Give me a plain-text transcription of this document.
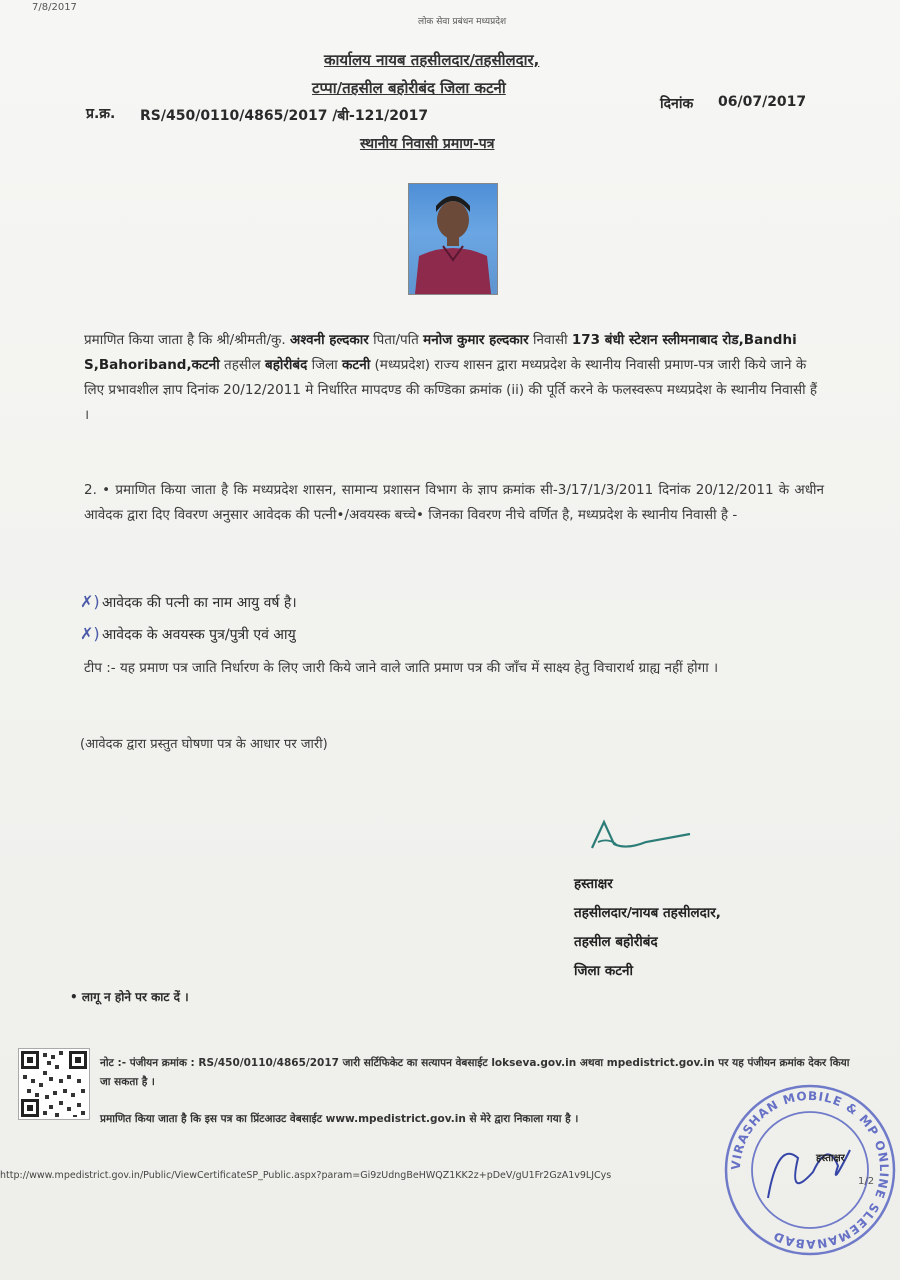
7/8/2017
लोक सेवा प्रबंधन मध्यप्रदेश
कार्यालय नायब तहसीलदार/तहसीलदार,
टप्पा/तहसील बहोरीबंद जिला कटनी
प्र.क्र. RS/450/0110/4865/2017 /बी-121/2017
दिनांक 06/07/2017
स्थानीय निवासी प्रमाण-पत्र
प्रमाणित किया जाता है कि श्री/श्रीमती/कु. अश्वनी हल्दकार पिता/पति मनोज कुमार हल्दकार निवासी 173 बंधी स्टेशन स्लीमनाबाद रोड,Bandhi S,Bahoriband,कटनी तहसील बहोरीबंद जिला कटनी (मध्यप्रदेश) राज्य शासन द्वारा मध्यप्रदेश के स्थानीय निवासी प्रमाण-पत्र जारी किये जाने के लिए प्रभावशील ज्ञाप दिनांक 20/12/2011 मे निर्धारित मापदण्ड की कण्डिका क्रमांक (ii) की पूर्ति करने के फलस्वरूप मध्यप्रदेश के स्थानीय निवासी हैं ।
2. • प्रमाणित किया जाता है कि मध्यप्रदेश शासन, सामान्य प्रशासन विभाग के ज्ञाप क्रमांक सी-3/17/1/3/2011 दिनांक 20/12/2011 के अधीन आवेदक द्वारा दिए विवरण अनुसार आवेदक की पत्नी•/अवयस्क बच्चे• जिनका विवरण नीचे वर्णित है, मध्यप्रदेश के स्थानीय निवासी है -
✗) आवेदक की पत्नी का नाम आयु वर्ष है।
✗) आवेदक के अवयस्क पुत्र/पुत्री एवं आयु
टीप :- यह प्रमाण पत्र जाति निर्धारण के लिए जारी किये जाने वाले जाति प्रमाण पत्र की जाँच में साक्ष्य हेतु विचारार्थ ग्राह्य नहीं होगा ।
(आवेदक द्वारा प्रस्तुत घोषणा पत्र के आधार पर जारी)
हस्ताक्षर
तहसीलदार/नायब तहसीलदार,
तहसील बहोरीबंद
जिला कटनी
• लागू न होने पर काट दें ।
नोट :- पंजीयन क्रमांक : RS/450/0110/4865/2017 जारी सर्टिफिकेट का सत्यापन वेबसाईट lokseva.gov.in अथवा mpedistrict.gov.in पर यह पंजीयन क्रमांक देकर किया जा सकता है ।
प्रमाणित किया जाता है कि इस पत्र का प्रिंटआउट वेबसाईट www.mpedistrict.gov.in से मेरे द्वारा निकाला गया है ।
http://www.mpedistrict.gov.in/Public/ViewCertificateSP_Public.aspx?param=Gi9zUdngBeHWQZ1KK2z+pDeV/gU1Fr2GzA1v9LJCys
VIRASHAN MOBILE & MP ONLINE SLEEMANABAD
हस्ताक्षर
1/2
